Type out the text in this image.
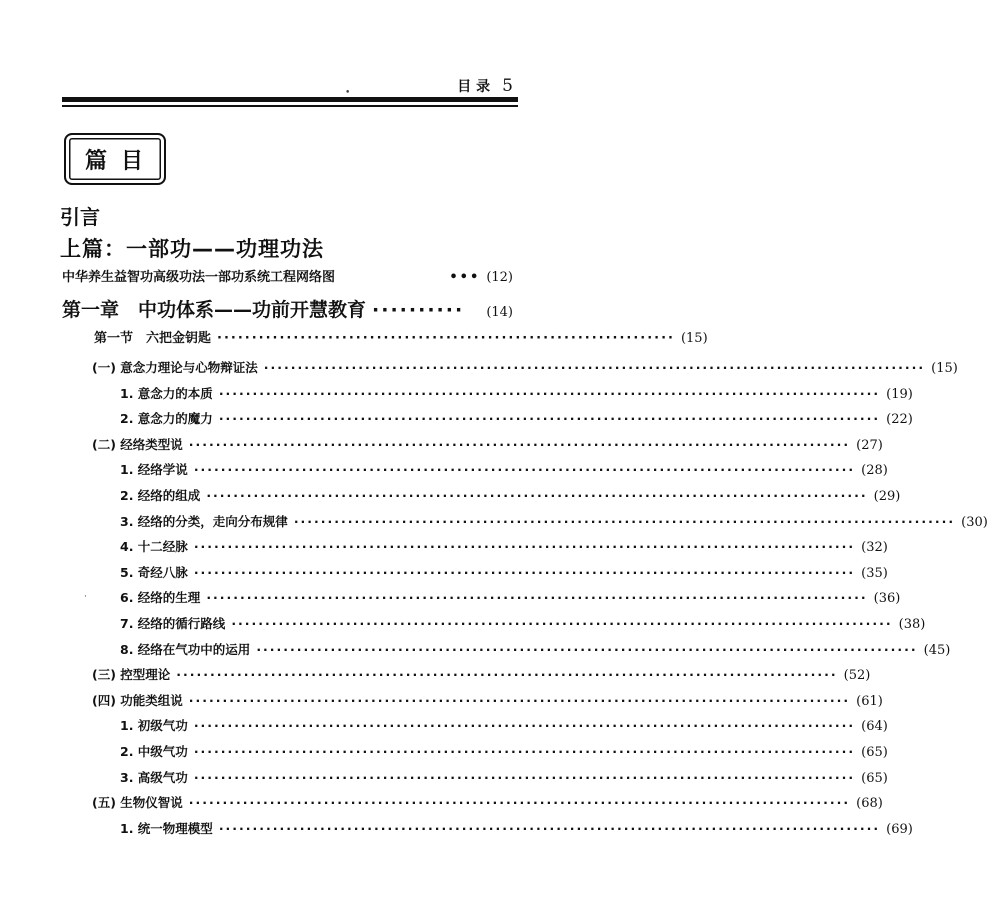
目 录 5
篇目
引言
上篇：一部功——功理功法
中华养生益智功高级功法一部功系统工程网络图	••• (12)
第一章　中功体系——功前开慧教育 ··········	(14)
第一节　六把金钥匙 ·································································· (15)
(一) 意念力理论与心物辩证法 ·································································································· (15)
1. 意念力的本质 ·································································································· (19)
2. 意念力的魔力 ·································································································· (22)
(二) 经络类型说 ·································································································· (27)
1. 经络学说 ·································································································· (28)
2. 经络的组成 ·································································································· (29)
3. 经络的分类，走向分布规律 ·································································································· (30)
4. 十二经脉 ·································································································· (32)
5. 奇经八脉 ·································································································· (35)
6. 经络的生理 ·································································································· (36)
7. 经络的循行路线 ·································································································· (38)
8. 经络在气功中的运用 ·································································································· (45)
(三) 控型理论 ·································································································· (52)
(四) 功能类组说 ·································································································· (61)
1. 初级气功 ·································································································· (64)
2. 中级气功 ·································································································· (65)
3. 高级气功 ·································································································· (65)
(五) 生物仪智说 ·································································································· (68)
1. 统一物理模型 ·································································································· (69)
•
·
